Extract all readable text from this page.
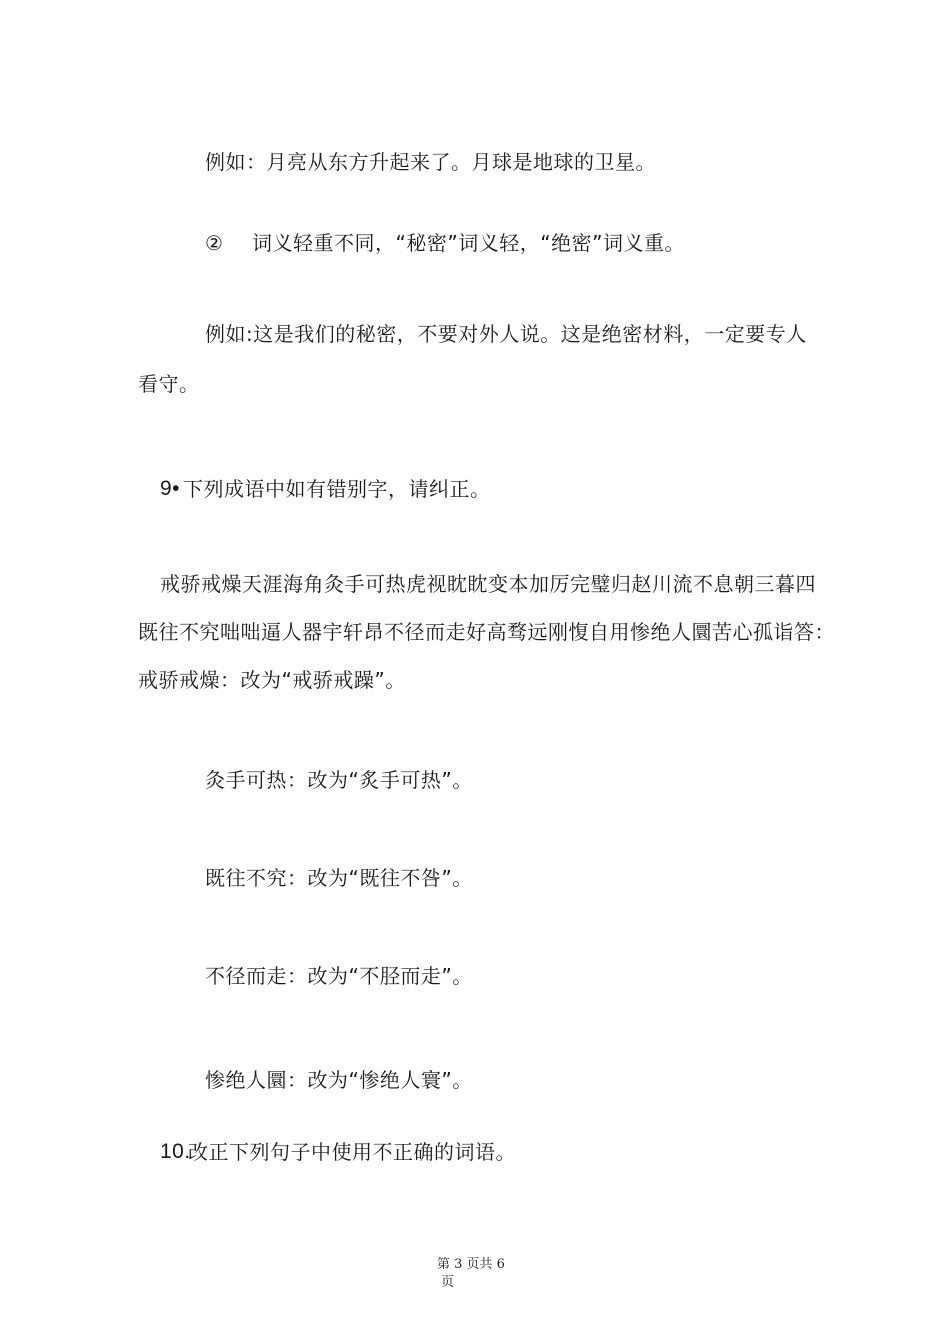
例如：月亮从东方升起来了。月球是地球的卫星。
② 词义轻重不同，“秘密”词义轻，“绝密”词义重。
例如:这是我们的秘密，不要对外人说。这是绝密材料，一定要专人
看守。
9• 下列成语中如有错别字，请纠正。
戒骄戒燥天涯海角灸手可热虎视眈眈变本加厉完璧归赵川流不息朝三暮四
既往不究咄咄逼人器宇轩昂不径而走好高骛远刚愎自用惨绝人圜苦心孤诣答：
戒骄戒燥：改为“戒骄戒躁”。
灸手可热：改为“炙手可热”。
既往不究：改为“既往不咎”。
不径而走：改为“不胫而走”。
惨绝人圜：改为“惨绝人寰”。
10.
改正下列句子中使用不正确的词语。
第 3 页共 6
页
